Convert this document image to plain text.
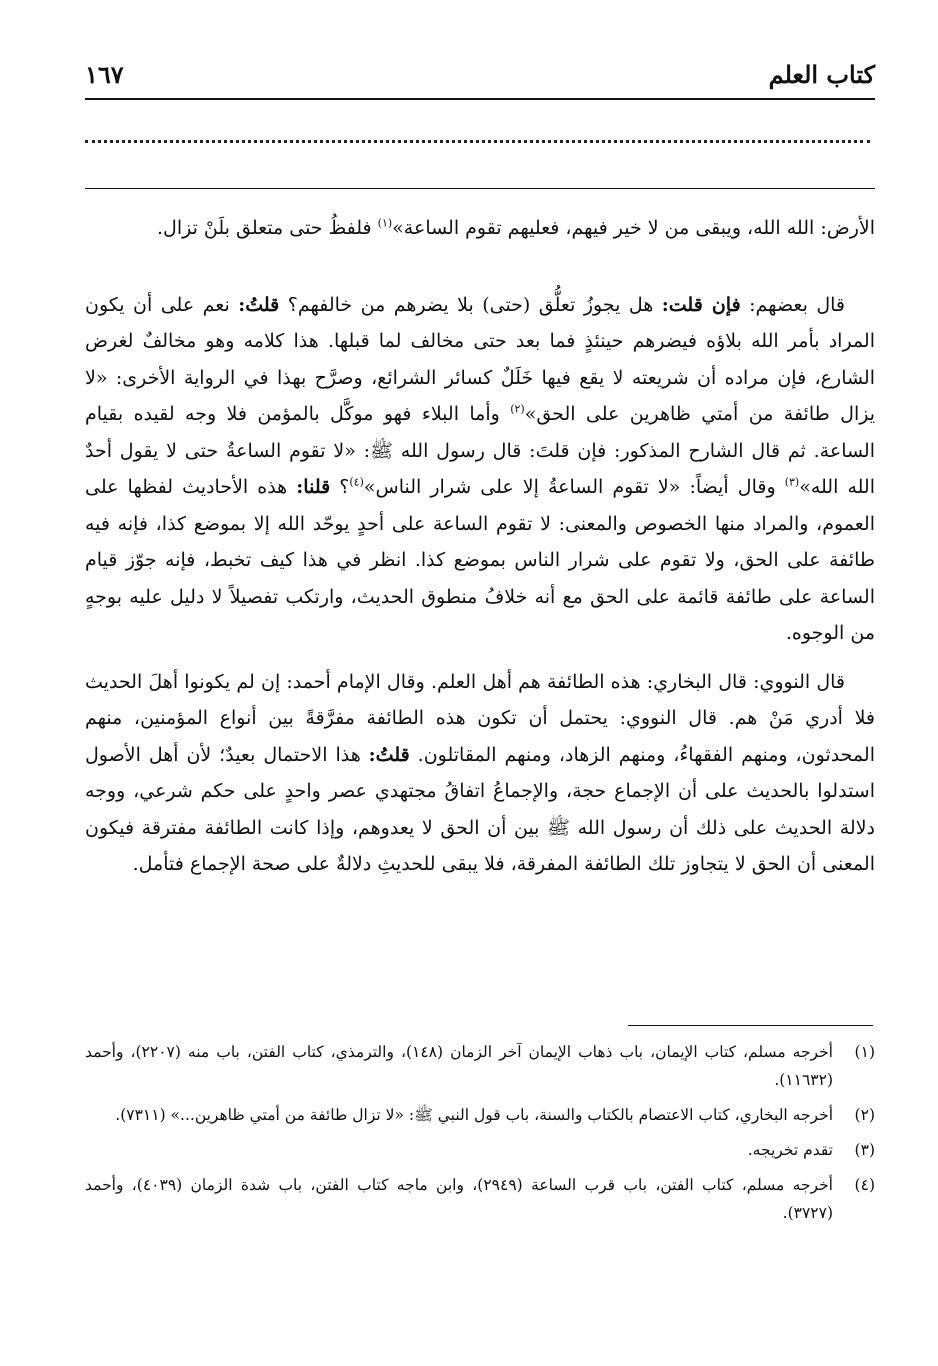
كتاب العلم
١٦٧

الأرض: الله الله، ويبقى من لا خير فيهم، فعليهم تقوم الساعة»$^{(١)}$ فلفظُ حتى متعلق بلَنْ تزال.

قال بعضهم: فإن قلت: هل يجوزُ تعلُّق (حتى) بلا يضرهم من خالفهم؟ قلتُ: نعم على أن يكون المراد بأمر الله بلاؤه فيضرهم حينئذٍ فما بعد حتى مخالف لما قبلها. هذا كلامه وهو مخالفٌ لغرض الشارع، فإن مراده أن شريعته لا يقع فيها خَلَلٌ كسائر الشرائع، وصرَّح بهذا في الرواية الأخرى: «لا يزال طائفة من أمتي ظاهرين على الحق»$^{(٢)}$ وأما البلاء فهو موكَّل بالمؤمن فلا وجه لقيده بقيام الساعة. ثم قال الشارح المذكور: فإن قلتَ: قال رسول الله ﷺ: «لا تقوم الساعةُ حتى لا يقول أحدٌ الله الله»$^{(٣)}$ وقال أيضاً: «لا تقوم الساعةُ إلا على شرار الناس»$^{(٤)}$؟ قلنا: هذه الأحاديث لفظها على العموم، والمراد منها الخصوص والمعنى: لا تقوم الساعة على أحدٍ يوحّد الله إلا بموضع كذا، فإنه فيه طائفة على الحق، ولا تقوم على شرار الناس بموضع كذا. انظر في هذا كيف تخبط، فإنه جوّز قيام الساعة على طائفة قائمة على الحق مع أنه خلافُ منطوق الحديث، وارتكب تفصيلاً لا دليل عليه بوجهٍ من الوجوه.

قال النووي: قال البخاري: هذه الطائفة هم أهل العلم. وقال الإمام أحمد: إن لم يكونوا أهلَ الحديث فلا أدري مَنْ هم. قال النووي: يحتمل أن تكون هذه الطائفة مفرَّقةً بين أنواع المؤمنين، منهم المحدثون، ومنهم الفقهاءُ، ومنهم الزهاد، ومنهم المقاتلون. قلتُ: هذا الاحتمال بعيدٌ؛ لأن أهل الأصول استدلوا بالحديث على أن الإجماع حجة، والإجماعُ اتفاقُ مجتهدي عصر واحدٍ على حكم شرعي، ووجه دلالة الحديث على ذلك أن رسول الله ﷺ بين أن الحق لا يعدوهم، وإذا كانت الطائفة مفترقة فيكون المعنى أن الحق لا يتجاوز تلك الطائفة المفرقة، فلا يبقى للحديثِ دلالةٌ على صحة الإجماع فتأمل.

(١)
أخرجه مسلم، كتاب الإيمان، باب ذهاب الإيمان آخر الزمان (١٤٨)، والترمذي، كتاب الفتن، باب منه (٢٢٠٧)، وأحمد (١١٦٣٢).
(٢)
أخرجه البخاري، كتاب الاعتصام بالكتاب والسنة، باب قول النبي ﷺ: «لا تزال طائفة من أمتي ظاهرين...» (٧٣١١).
(٣)
تقدم تخريجه.
(٤)
أخرجه مسلم، كتاب الفتن، باب قرب الساعة (٢٩٤٩)، وابن ماجه كتاب الفتن، باب شدة الزمان (٤٠٣٩)، وأحمد (٣٧٢٧).
